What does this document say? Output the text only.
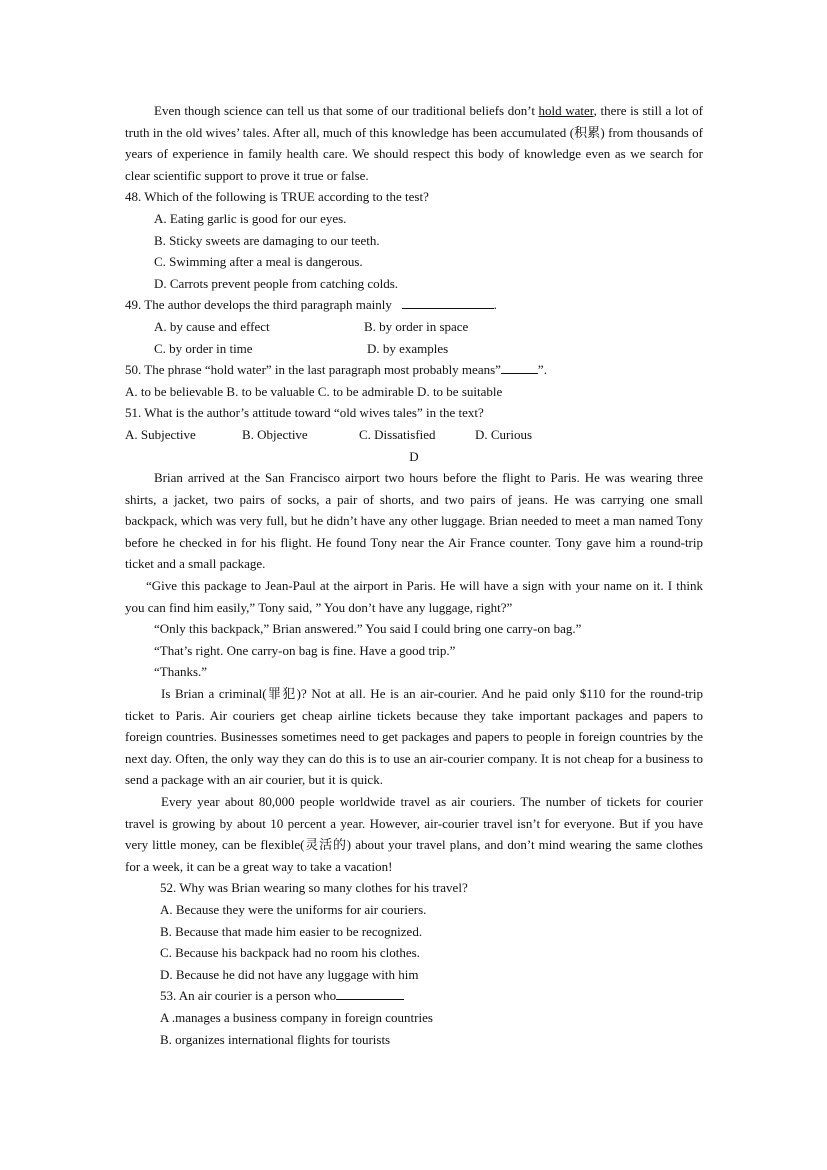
Even though science can tell us that some of our traditional beliefs don’t hold water, there is still a lot of truth in the old wives’ tales. After all, much of this knowledge has been accumulated (积累) from thousands of years of experience in family health care. We should respect this body of knowledge even as we search for clear scientific support to prove it true or false.

48. Which of the following is TRUE according to the test?

A. Eating garlic is good for our eyes.

B. Sticky sweets are damaging to our teeth.

C. Swimming after a meal is dangerous.

D. Carrots prevent people from catching colds.

49. The author develops the third paragraph mainly	.

A. by cause and effect	B. by order in space

C. by order in time	D. by examples

50. The phrase “hold water” in the last paragraph most probably means”	”.

A. to be believable B. to be valuable C. to be admirable D. to be suitable

51. What is the author’s attitude toward “old wives tales” in the text?

A. Subjective	B. Objective	C. Dissatisfied	D. Curious

D

Brian arrived at the San Francisco airport two hours before the flight to Paris. He was wearing three shirts, a jacket, two pairs of socks, a pair of shorts, and two pairs of jeans. He was carrying one small backpack, which was very full, but he didn’t have any other luggage. Brian needed to meet a man named Tony before he checked in for his flight. He found Tony near the Air France counter. Tony gave him a round-trip ticket and a small package.

“Give this package to Jean-Paul at the airport in Paris. He will have a sign with your name on it. I think you can find him easily,” Tony said, ” You don’t have any luggage, right?”

“Only this backpack,” Brian answered.” You said I could bring one carry-on bag.”

“That’s right. One carry-on bag is fine. Have a good trip.”

“Thanks.”

Is Brian a criminal(罪犯)? Not at all. He is an air-courier. And he paid only $110 for the round-trip ticket to Paris. Air couriers get cheap airline tickets because they take important packages and papers to foreign countries. Businesses sometimes need to get packages and papers to people in foreign countries by the next day. Often, the only way they can do this is to use an air-courier company. It is not cheap for a business to send a package with an air courier, but it is quick.

Every year about 80,000 people worldwide travel as air couriers. The number of tickets for courier travel is growing by about 10 percent a year. However, air-courier travel isn’t for everyone. But if you have very little money, can be flexible(灵活的) about your travel plans, and don’t mind wearing the same clothes for a week, it can be a great way to take a vacation!

52. Why was Brian wearing so many clothes for his travel?

A. Because they were the uniforms for air couriers.

B. Because that made him easier to be recognized.

C. Because his backpack had no room his clothes.

D. Because he did not have any luggage with him

53. An air courier is a person who

A .manages a business company in foreign countries

B. organizes international flights for tourists
